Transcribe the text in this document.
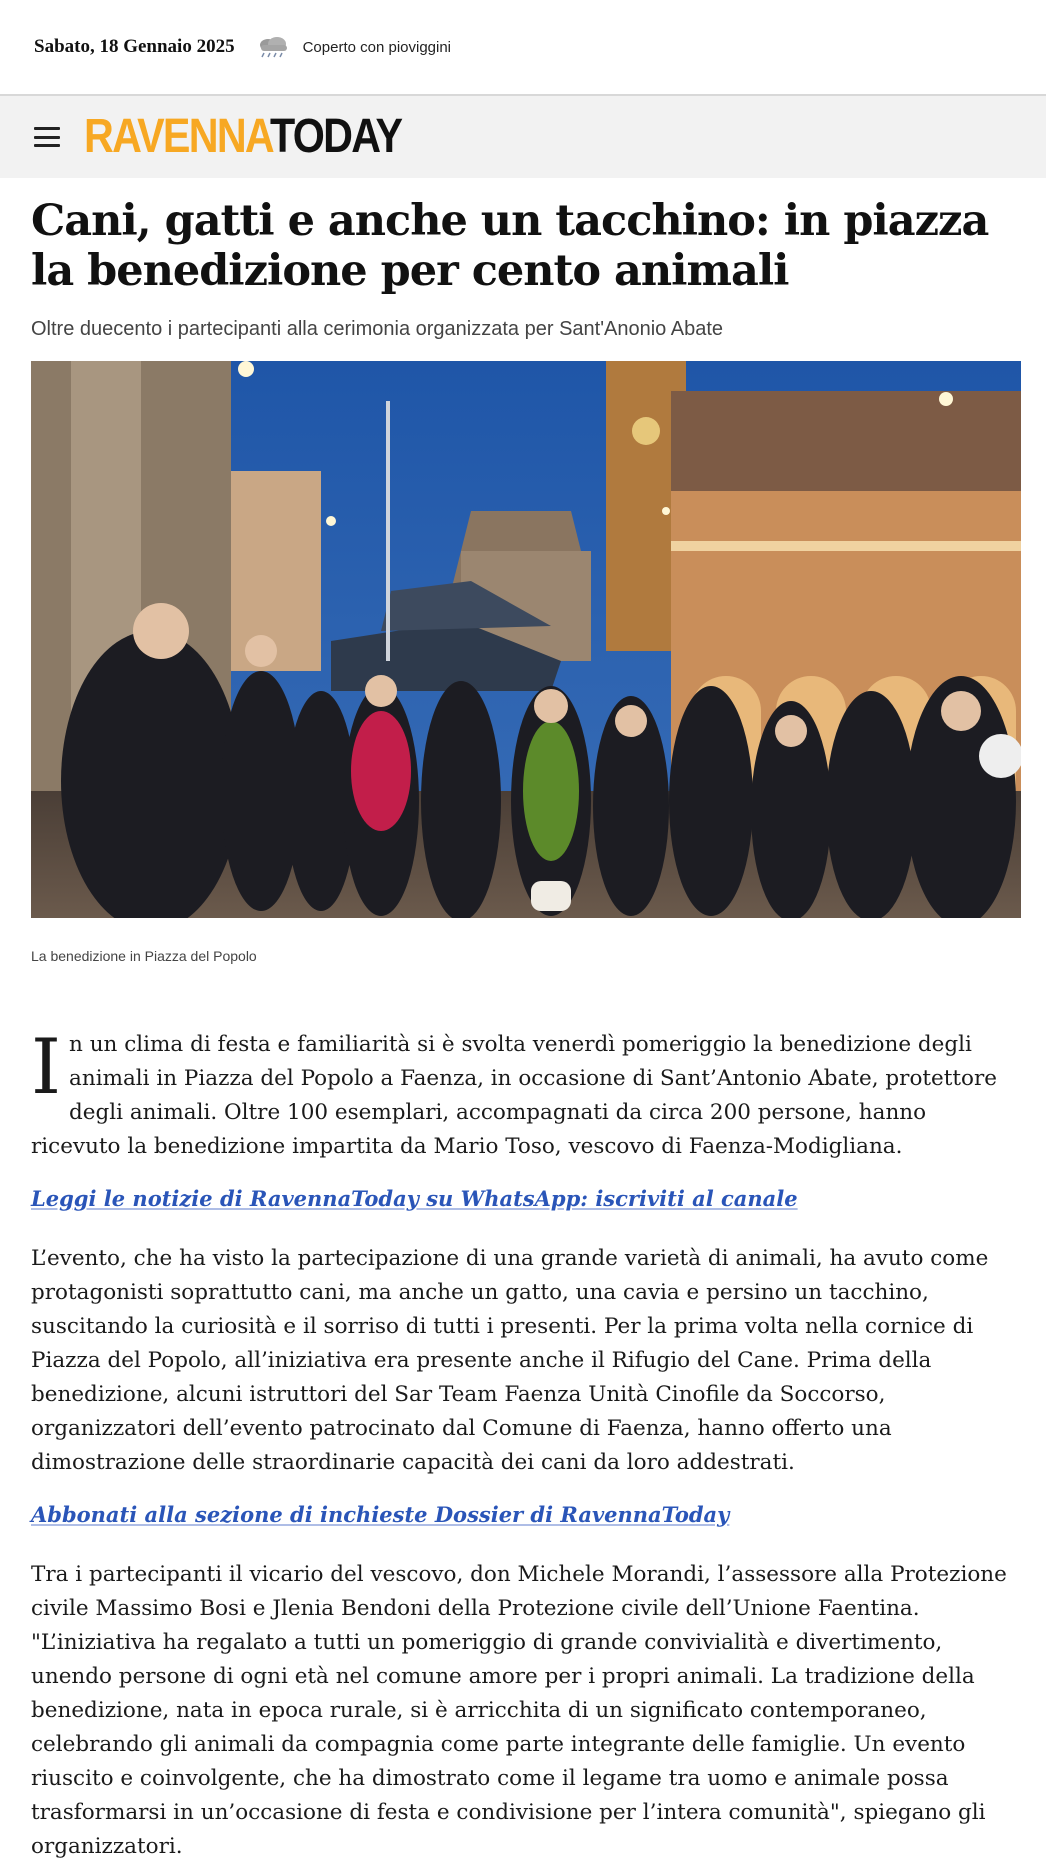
Sabato, 18 Gennaio 2025	Coperto con pioviggini
RAVENNATODAY
Cani, gatti e anche un tacchino: in piazza la benedizione per cento animali
Oltre duecento i partecipanti alla cerimonia organizzata per Sant'Anonio Abate
La benedizione in Piazza del Popolo

In un clima di festa e familiarità si è svolta venerdì pomeriggio la benedizione degli animali in Piazza del Popolo a Faenza, in occasione di Sant’Antonio Abate, protettore degli animali. Oltre 100 esemplari, accompagnati da circa 200 persone, hanno ricevuto la benedizione impartita da Mario Toso, vescovo di Faenza-Modigliana.

Leggi le notizie di RavennaToday su WhatsApp: iscriviti al canale

L’evento, che ha visto la partecipazione di una grande varietà di animali, ha avuto come protagonisti soprattutto cani, ma anche un gatto, una cavia e persino un tacchino, suscitando la curiosità e il sorriso di tutti i presenti. Per la prima volta nella cornice di Piazza del Popolo, all’iniziativa era presente anche il Rifugio del Cane. Prima della benedizione, alcuni istruttori del Sar Team Faenza Unità Cinofile da Soccorso, organizzatori dell’evento patrocinato dal Comune di Faenza, hanno offerto una dimostrazione delle straordinarie capacità dei cani da loro addestrati.

Abbonati alla sezione di inchieste Dossier di RavennaToday

Tra i partecipanti il vicario del vescovo, don Michele Morandi, l’assessore alla Protezione civile Massimo Bosi e Jlenia Bendoni della Protezione civile dell’Unione Faentina. "L’iniziativa ha regalato a tutti un pomeriggio di grande convivialità e divertimento, unendo persone di ogni età nel comune amore per i propri animali. La tradizione della benedizione, nata in epoca rurale, si è arricchita di un significato contemporaneo, celebrando gli animali da compagnia come parte integrante delle famiglie. Un evento riuscito e coinvolgente, che ha dimostrato come il legame tra uomo e animale possa trasformarsi in un’occasione di festa e condivisione per l’intera comunità", spiegano gli organizzatori.
